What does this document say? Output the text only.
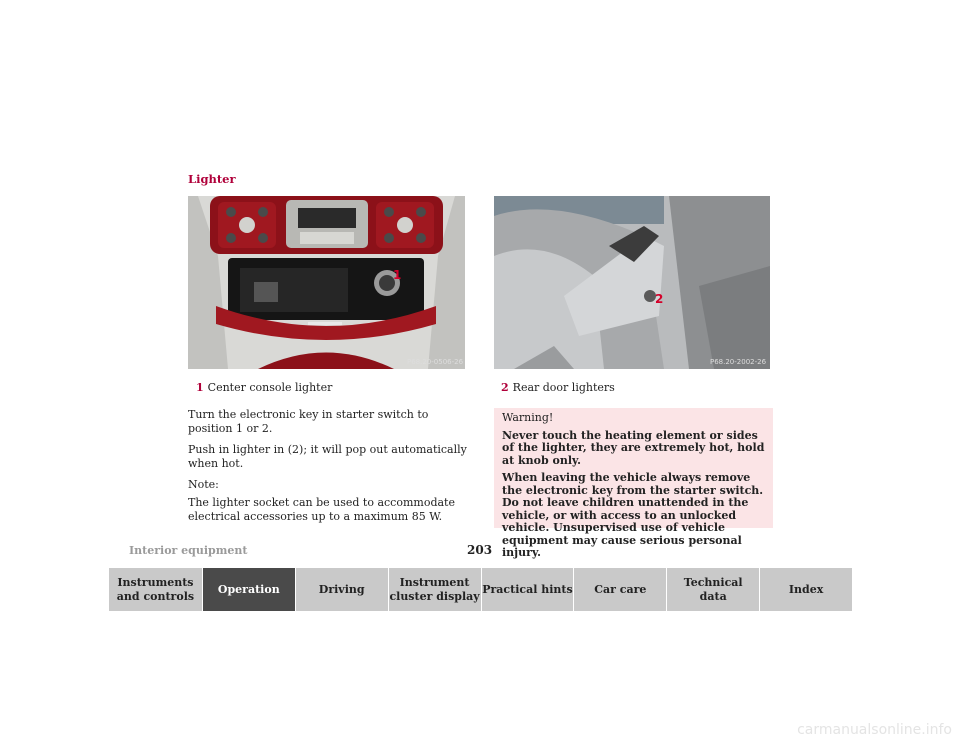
Lighter
1
P68.20-0506-26
2
P68.20-2002-26
1 Center console lighter	2 Rear door lighters

Turn the electronic key in starter switch to position 1 or 2.

Push in lighter in (2); it will pop out automatically when hot.

Note:

The lighter socket can be used to accommodate electrical accessories up to a maximum 85 W.

Warning!

Never touch the heating element or sides of the lighter, they are extremely hot, hold at knob only.

When leaving the vehicle always remove the electronic key from the starter switch. Do not leave children unattended in the vehicle, or with access to an unlocked vehicle. Unsupervised use of vehicle equipment may cause serious personal injury.

Interior equipment	203
Instruments
and controls
Operation	Driving
Instrument
cluster display
Practical hints Car care
Technical
data
Index
carmanualsonline.info
